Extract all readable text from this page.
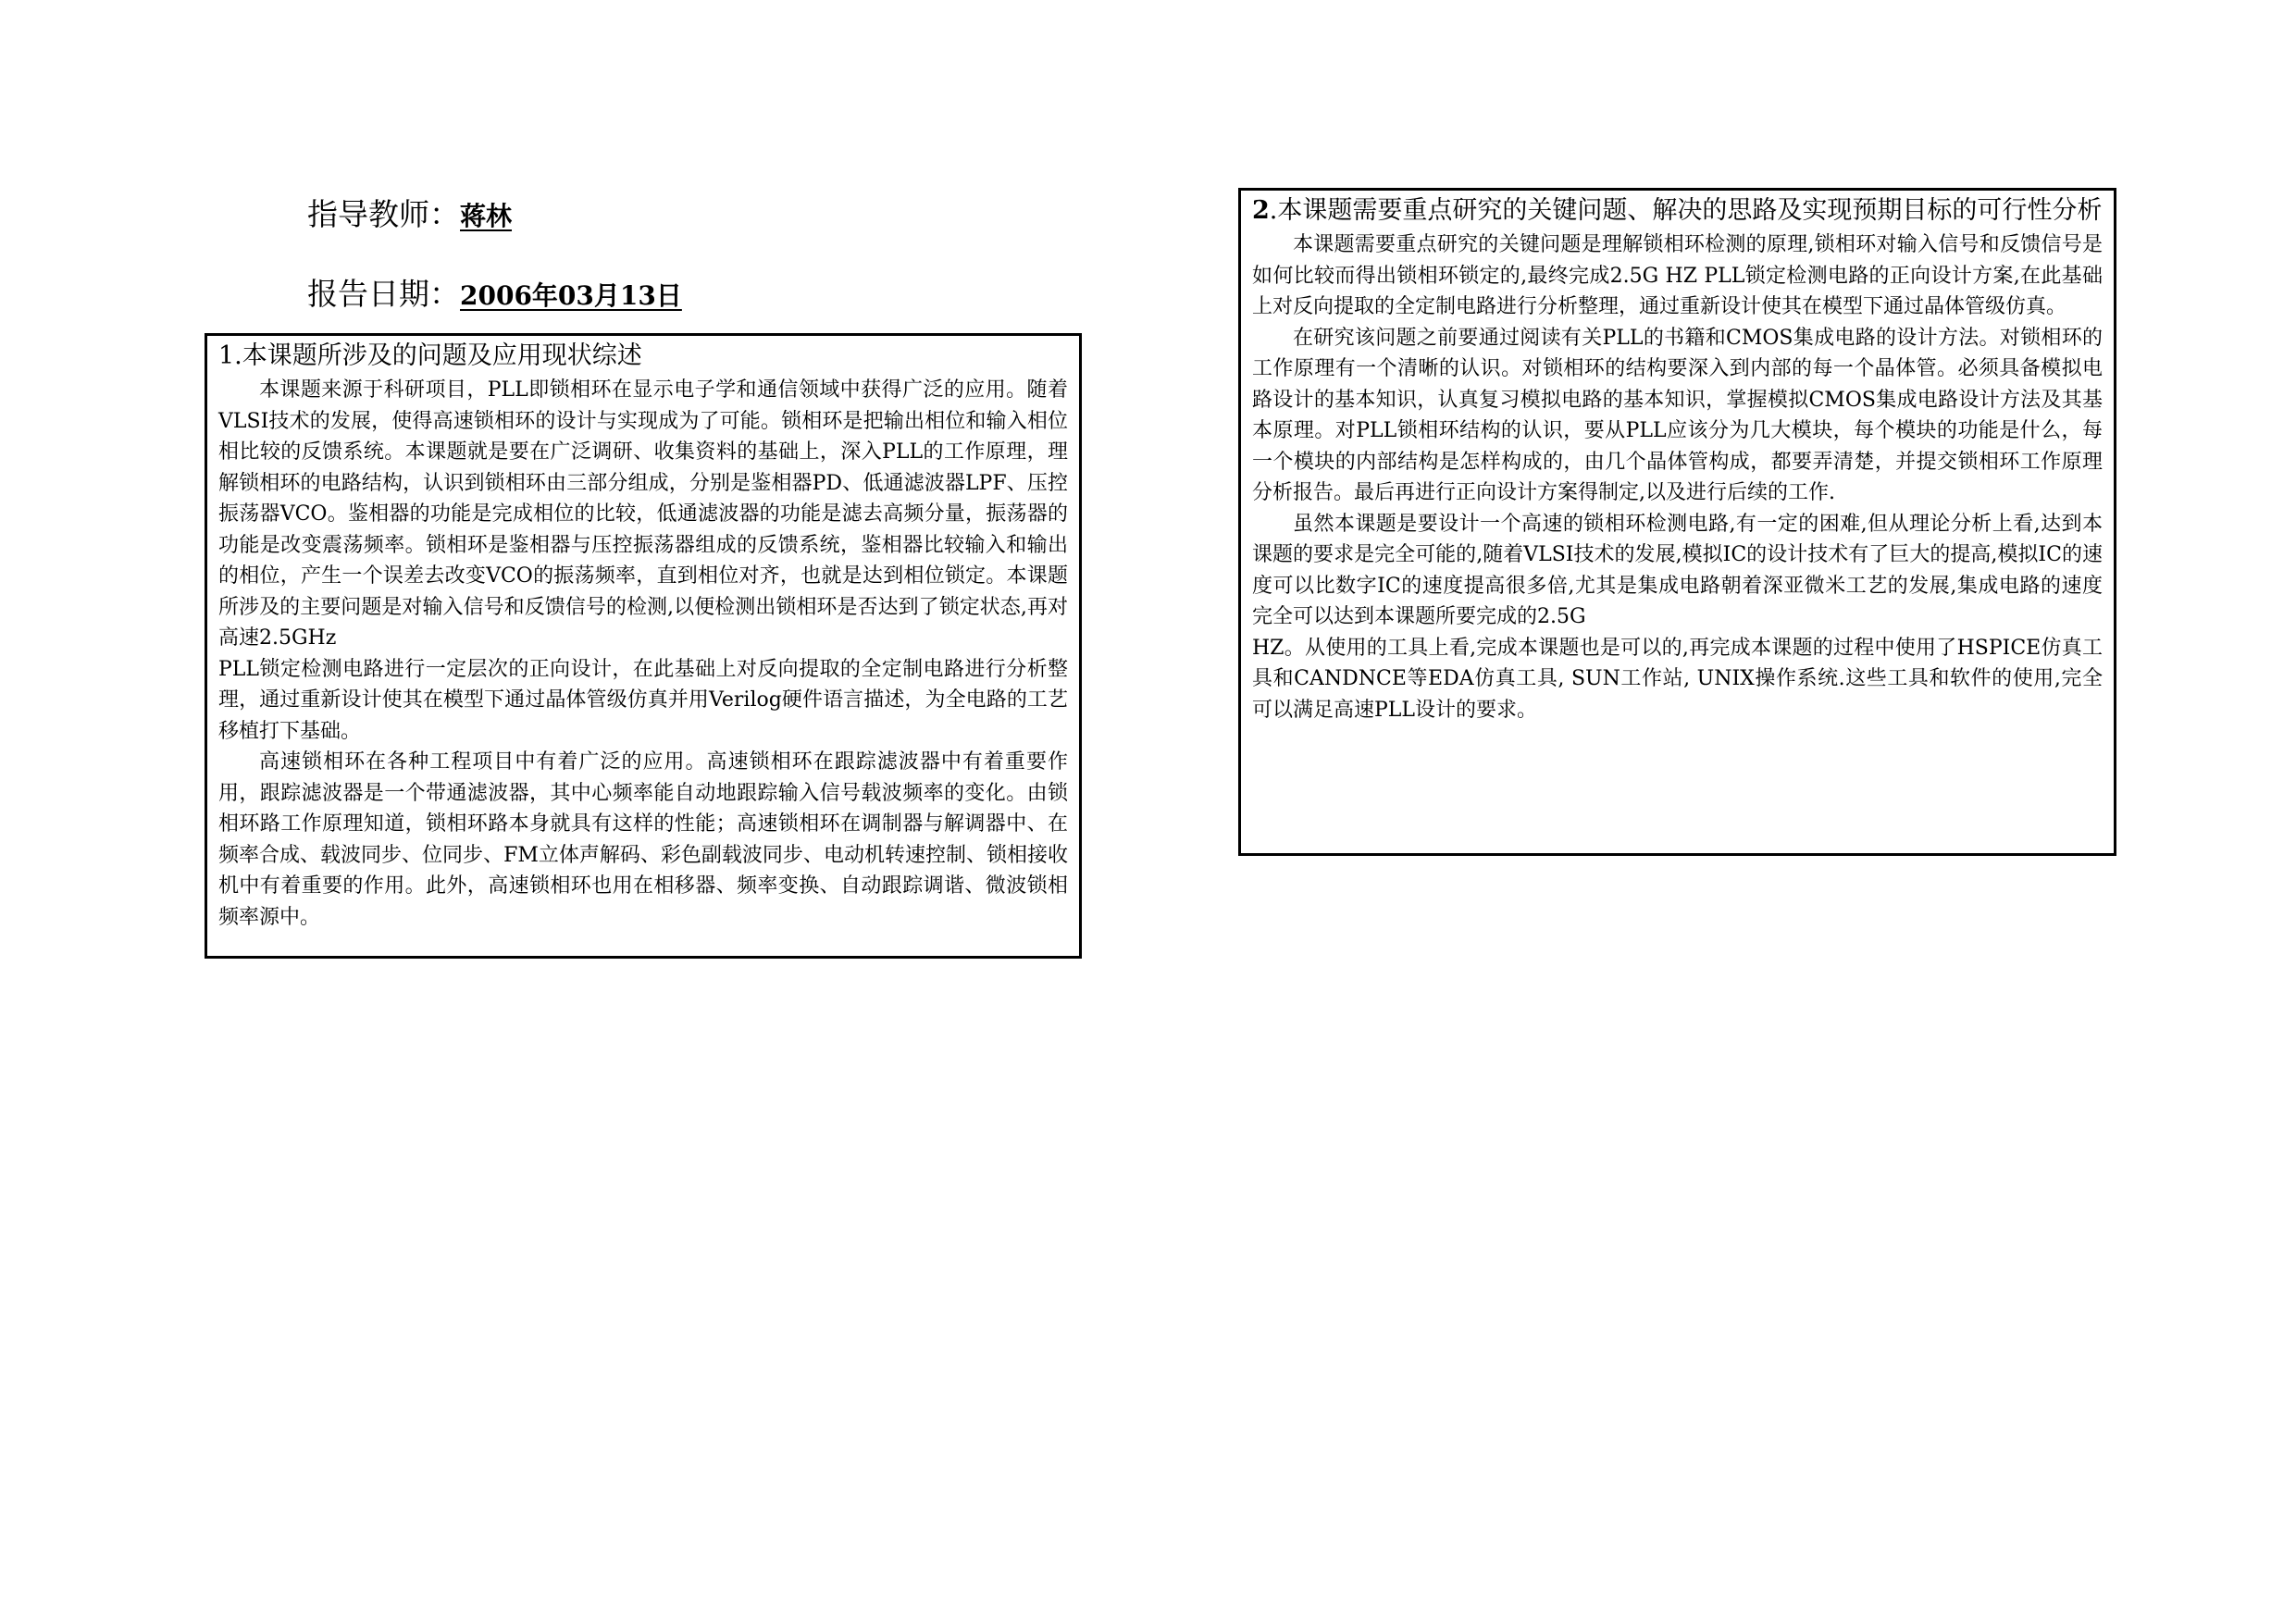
指导教师：蒋林
报告日期：2006年03月13日
1.本课题所涉及的问题及应用现状综述

本课题来源于科研项目，PLL即锁相环在显示电子学和通信领域中获得广泛的应用。随着VLSI技术的发展，使得高速锁相环的设计与实现成为了可能。锁相环是把输出相位和输入相位相比较的反馈系统。本课题就是要在广泛调研、收集资料的基础上，深入PLL的工作原理，理解锁相环的电路结构，认识到锁相环由三部分组成，分别是鉴相器PD、低通滤波器LPF、压控振荡器VCO。鉴相器的功能是完成相位的比较，低通滤波器的功能是滤去高频分量，振荡器的功能是改变震荡频率。锁相环是鉴相器与压控振荡器组成的反馈系统，鉴相器比较输入和输出的相位，产生一个误差去改变VCO的振荡频率，直到相位对齐，也就是达到相位锁定。本课题所涉及的主要问题是对输入信号和反馈信号的检测,以便检测出锁相环是否达到了锁定状态,再对高速2.5GHz

PLL锁定检测电路进行一定层次的正向设计，在此基础上对反向提取的全定制电路进行分析整理，通过重新设计使其在模型下通过晶体管级仿真并用Verilog硬件语言描述，为全电路的工艺移植打下基础。

高速锁相环在各种工程项目中有着广泛的应用。高速锁相环在跟踪滤波器中有着重要作用，跟踪滤波器是一个带通滤波器，其中心频率能自动地跟踪输入信号载波频率的变化。由锁相环路工作原理知道，锁相环路本身就具有这样的性能；高速锁相环在调制器与解调器中、在频率合成、载波同步、位同步、FM立体声解码、彩色副载波同步、电动机转速控制、锁相接收机中有着重要的作用。此外，高速锁相环也用在相移器、频率变换、自动跟踪调谐、微波锁相频率源中。

2.本课题需要重点研究的关键问题、解决的思路及实现预期目标的可行性分析

本课题需要重点研究的关键问题是理解锁相环检测的原理,锁相环对输入信号和反馈信号是如何比较而得出锁相环锁定的,最终完成2.5G HZ PLL锁定检测电路的正向设计方案,在此基础上对反向提取的全定制电路进行分析整理，通过重新设计使其在模型下通过晶体管级仿真。

在研究该问题之前要通过阅读有关PLL的书籍和CMOS集成电路的设计方法。对锁相环的工作原理有一个清晰的认识。对锁相环的结构要深入到内部的每一个晶体管。必须具备模拟电路设计的基本知识，认真复习模拟电路的基本知识，掌握模拟CMOS集成电路设计方法及其基本原理。对PLL锁相环结构的认识，要从PLL应该分为几大模块，每个模块的功能是什么，每一个模块的内部结构是怎样构成的，由几个晶体管构成，都要弄清楚，并提交锁相环工作原理分析报告。最后再进行正向设计方案得制定,以及进行后续的工作.

虽然本课题是要设计一个高速的锁相环检测电路,有一定的困难,但从理论分析上看,达到本课题的要求是完全可能的,随着VLSI技术的发展,模拟IC的设计技术有了巨大的提高,模拟IC的速度可以比数字IC的速度提高很多倍,尤其是集成电路朝着深亚微米工艺的发展,集成电路的速度完全可以达到本课题所要完成的2.5G

HZ。从使用的工具上看,完成本课题也是可以的,再完成本课题的过程中使用了HSPICE仿真工具和CANDNCE等EDA仿真工具, SUN工作站, UNIX操作系统.这些工具和软件的使用,完全可以满足高速PLL设计的要求。
